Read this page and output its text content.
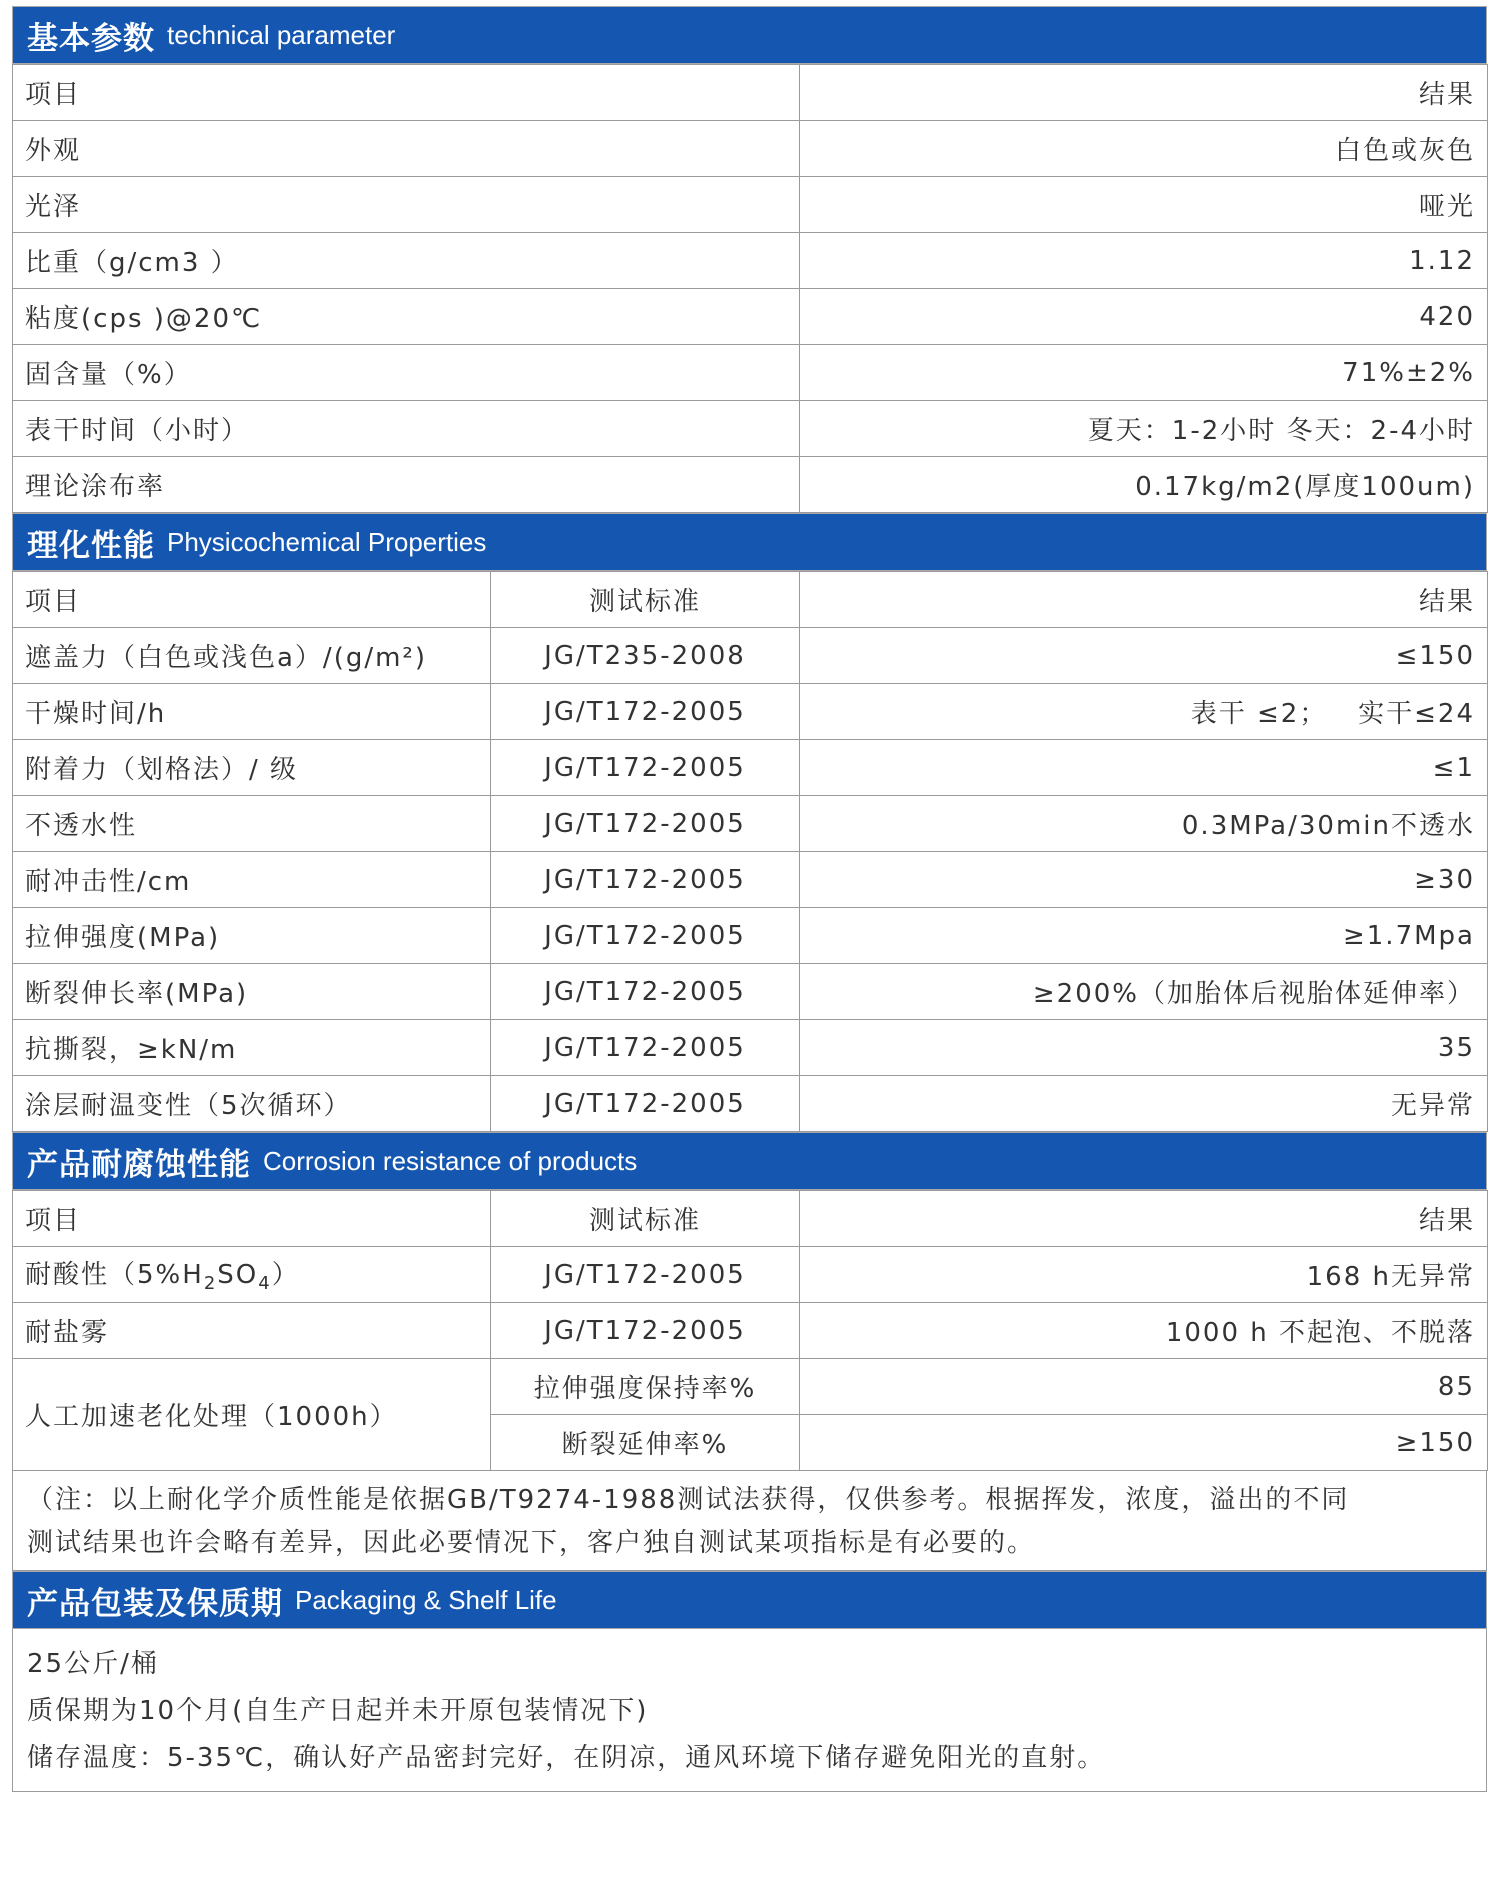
基本参数 technical parameter
项目	结果
外观	白色或灰色
光泽	哑光
比重（g/cm3 ）	1.12
粘度(cps )@20℃	420
固含量（%）	71%±2%
表干时间（小时）	夏天：1-2小时 冬天：2-4小时
理论涂布率	0.17kg/m2(厚度100um)
理化性能 Physicochemical Properties
项目	测试标准	结果
遮盖力（白色或浅色a）/(g/m²)	JG/T235-2008	≤150
干燥时间/h	JG/T172-2005	表干 ≤2；   实干≤24
附着力（划格法）/ 级	JG/T172-2005	≤1
不透水性	JG/T172-2005	0.3MPa/30min不透水
耐冲击性/cm	JG/T172-2005	≥30
拉伸强度(MPa)	JG/T172-2005	≥1.7Mpa
断裂伸长率(MPa)	JG/T172-2005	≥200%（加胎体后视胎体延伸率）
抗撕裂，≥kN/m	JG/T172-2005	35
涂层耐温变性（5次循环）	JG/T172-2005	无异常
产品耐腐蚀性能 Corrosion resistance of products
项目	测试标准	结果
耐酸性$(5\%H_2SO_4)$	JG/T172-2005	168 h无异常
耐盐雾	JG/T172-2005	1000 h 不起泡、不脱落
人工加速老化处理（1000h）	拉伸强度保持率%	85
	断裂延伸率%	≥150
（注：以上耐化学介质性能是依据GB/T9274-1988测试法获得，仅供参考。根据挥发，浓度，溢出的不同
测试结果也许会略有差异，因此必要情况下，客户独自测试某项指标是有必要的。
产品包装及保质期 Packaging & Shelf Life
25公斤/桶
质保期为10个月(自生产日起并未开原包装情况下)
储存温度：5-35℃，确认好产品密封完好，在阴凉，通风环境下储存避免阳光的直射。
